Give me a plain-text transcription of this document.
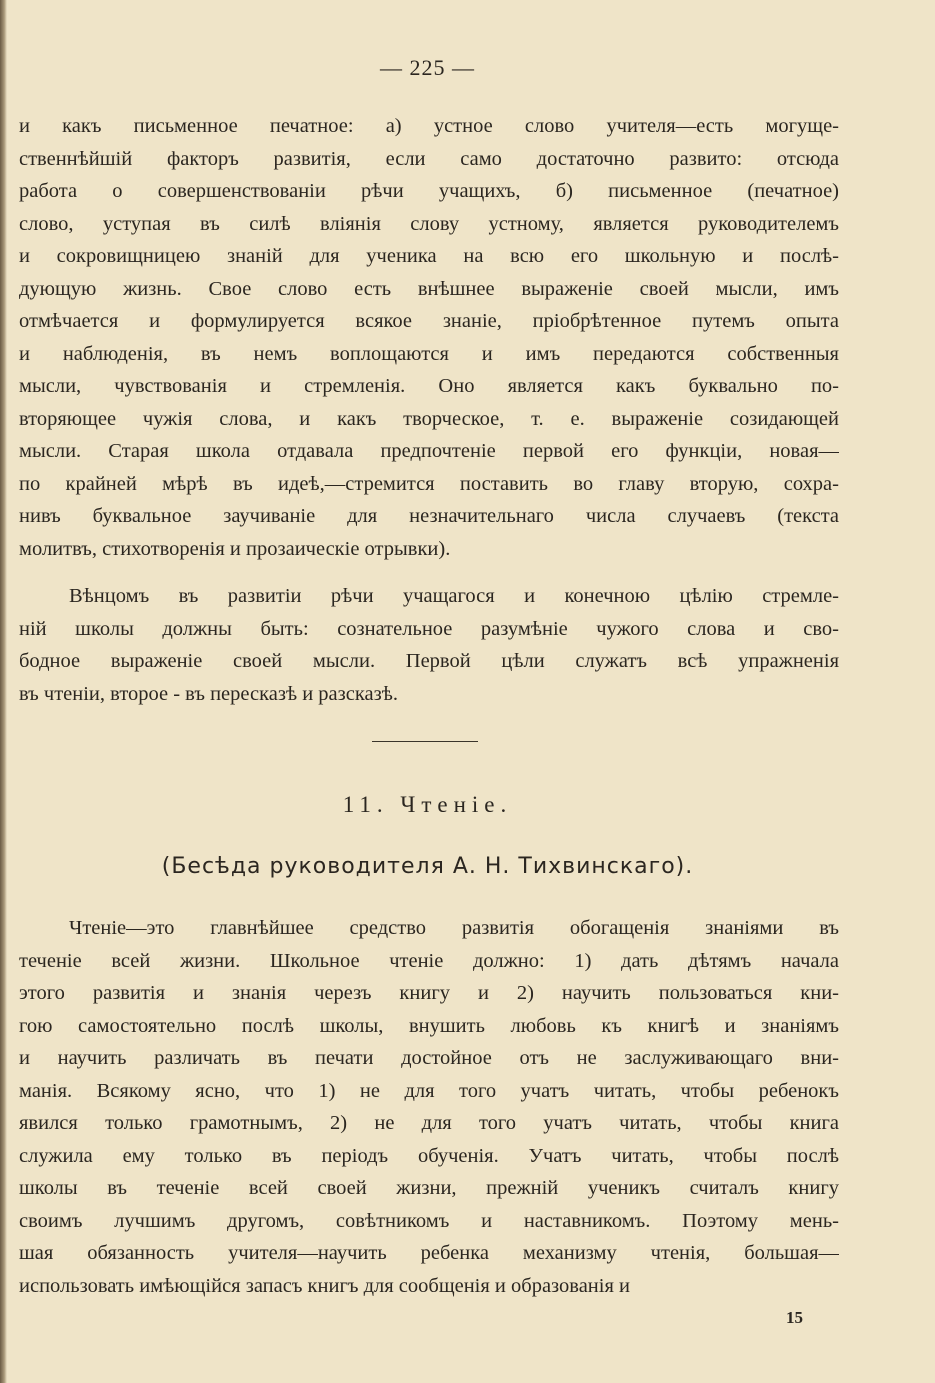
— 225 —
и какъ письменное печатное: а) устное слово учителя—есть могуще-
ственнѣйшій факторъ развитія, если само достаточно развито: отсюда
работа о совершенствованіи рѣчи учащихъ, б) письменное (печатное)
слово, уступая въ силѣ вліянія слову устному, является руководителемъ
и сокровищницею знаній для ученика на всю его школьную и послѣ-
дующую жизнь. Свое слово есть внѣшнее выраженіе своей мысли, имъ
отмѣчается и формулируется всякое знаніе, пріобрѣтенное путемъ опыта
и наблюденія, въ немъ воплощаются и имъ передаются собственныя
мысли, чувствованія и стремленія. Оно является какъ буквально по-
вторяющее чужія слова, и какъ творческое, т. е. выраженіе созидающей
мысли. Старая школа отдавала предпочтеніе первой его функціи, новая—
по крайней мѣрѣ въ идеѣ,—стремится поставить во главу вторую, сохра-
нивъ буквальное заучиваніе для незначительнаго числа случаевъ (текста
молитвъ, стихотворенія и прозаическіе отрывки).
Вѣнцомъ въ развитіи рѣчи учащагося и конечною цѣлію стремле-
ній школы должны быть: сознательное разумѣніе чужого слова и сво-
бодное выраженіе своей мысли. Первой цѣли служатъ всѣ упражненія
въ чтеніи, второе - въ пересказѣ и разсказѣ.
11. Чтеніе.
(Бесѣда руководителя А. Н. Тихвинскаго).
Чтеніе—это главнѣйшее средство развитія обогащенія знаніями въ
теченіе всей жизни. Школьное чтеніе должно: 1) дать дѣтямъ начала
этого развитія и знанія черезъ книгу и 2) научить пользоваться кни-
гою самостоятельно послѣ школы, внушить любовь къ книгѣ и знаніямъ
и научить различать въ печати достойное отъ не заслуживающаго вни-
манія. Всякому ясно, что 1) не для того учатъ читать, чтобы ребенокъ
явился только грамотнымъ, 2) не для того учатъ читать, чтобы книга
служила ему только въ періодъ обученія. Учатъ читать, чтобы послѣ
школы въ теченіе всей своей жизни, прежній ученикъ считалъ книгу
своимъ лучшимъ другомъ, совѣтникомъ и наставникомъ. Поэтому мень-
шая обязанность учителя—научить ребенка механизму чтенія, большая—
использовать имѣющійся запасъ книгъ для сообщенія и образованія и
15
